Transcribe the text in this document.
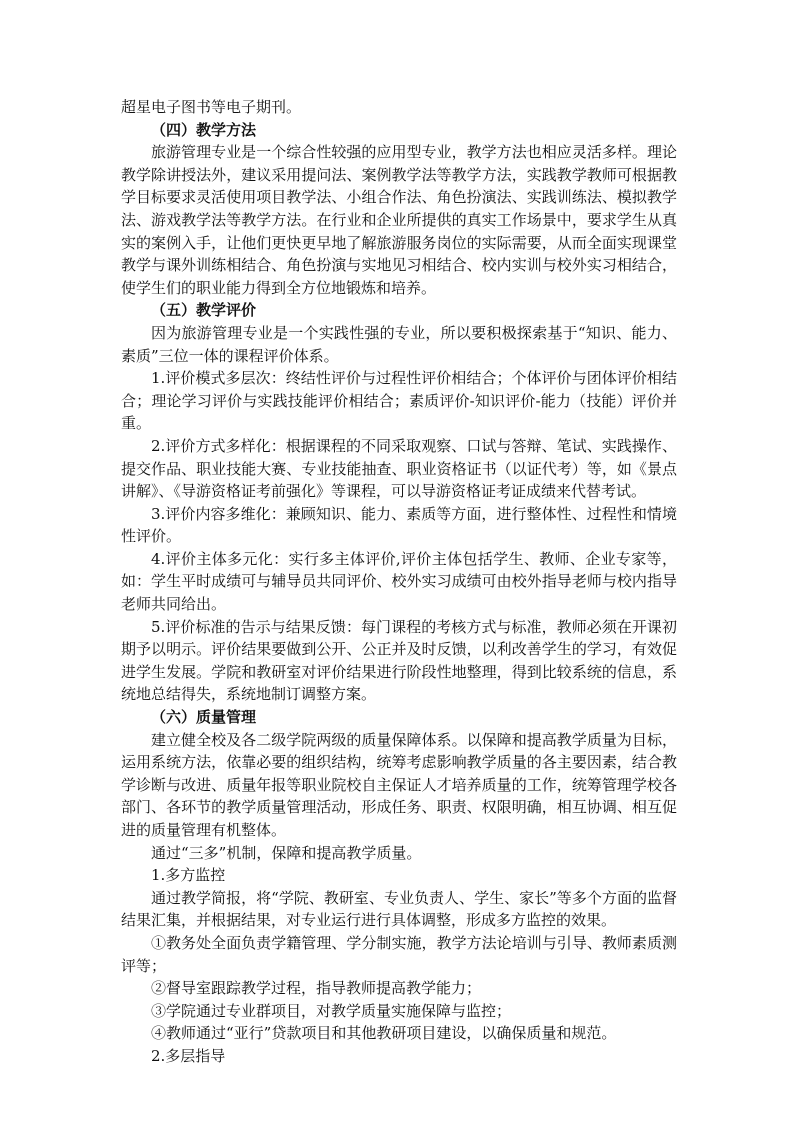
超星电子图书等电子期刊。

（四）教学方法

旅游管理专业是一个综合性较强的应用型专业，教学方法也相应灵活多样。理论教学除讲授法外，建议采用提问法、案例教学法等教学方法，实践教学教师可根据教学目标要求灵活使用项目教学法、小组合作法、角色扮演法、实践训练法、模拟教学法、游戏教学法等教学方法。在行业和企业所提供的真实工作场景中，要求学生从真实的案例入手，让他们更快更早地了解旅游服务岗位的实际需要，从而全面实现课堂教学与课外训练相结合、角色扮演与实地见习相结合、校内实训与校外实习相结合，使学生们的职业能力得到全方位地锻炼和培养。

（五）教学评价

因为旅游管理专业是一个实践性强的专业，所以要积极探索基于“知识、能力、素质”三位一体的课程评价体系。

1.评价模式多层次：终结性评价与过程性评价相结合；个体评价与团体评价相结合；理论学习评价与实践技能评价相结合；素质评价-知识评价-能力（技能）评价并重。

2.评价方式多样化：根据课程的不同采取观察、口试与答辩、笔试、实践操作、提交作品、职业技能大赛、专业技能抽查、职业资格证书（以证代考）等，如《景点讲解》、《导游资格证考前强化》等课程，可以导游资格证考证成绩来代替考试。

3.评价内容多维化：兼顾知识、能力、素质等方面，进行整体性、过程性和情境性评价。

4.评价主体多元化：实行多主体评价,评价主体包括学生、教师、企业专家等，如：学生平时成绩可与辅导员共同评价、校外实习成绩可由校外指导老师与校内指导老师共同给出。

5.评价标准的告示与结果反馈：每门课程的考核方式与标准，教师必须在开课初期予以明示。评价结果要做到公开、公正并及时反馈，以利改善学生的学习，有效促进学生发展。学院和教研室对评价结果进行阶段性地整理，得到比较系统的信息，系统地总结得失，系统地制订调整方案。

（六）质量管理

建立健全校及各二级学院两级的质量保障体系。以保障和提高教学质量为目标，运用系统方法，依靠必要的组织结构，统筹考虑影响教学质量的各主要因素，结合教学诊断与改进、质量年报等职业院校自主保证人才培养质量的工作，统筹管理学校各部门、各环节的教学质量管理活动，形成任务、职责、权限明确，相互协调、相互促进的质量管理有机整体。

通过“三多”机制，保障和提高教学质量。

1.多方监控

通过教学简报，将“学院、教研室、专业负责人、学生、家长”等多个方面的监督结果汇集，并根据结果，对专业运行进行具体调整，形成多方监控的效果。

①教务处全面负责学籍管理、学分制实施，教学方法论培训与引导、教师素质测评等；

②督导室跟踪教学过程，指导教师提高教学能力；

③学院通过专业群项目，对教学质量实施保障与监控；

④教师通过“亚行”贷款项目和其他教研项目建设，以确保质量和规范。

2.多层指导
